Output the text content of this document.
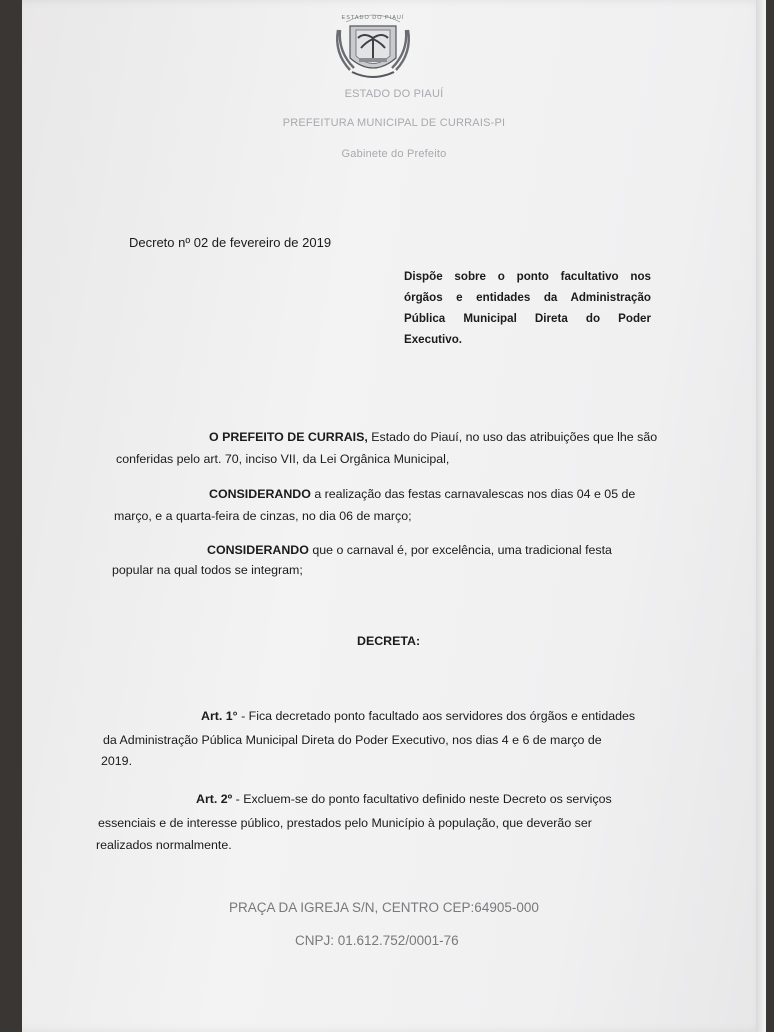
ESTADO DO PIAUÍ
ESTADO DO PIAUÍ
PREFEITURA MUNICIPAL DE CURRAIS-PI
Gabinete do Prefeito
Decreto nº 02 de fevereiro de 2019
Dispõe sobre o ponto facultativo nos
órgãos e entidades da Administração
Pública Municipal Direta do Poder
Executivo.
O PREFEITO DE CURRAIS, Estado do Piauí, no uso das atribuições que lhe são
conferidas pelo art. 70, inciso VII, da Lei Orgânica Municipal,
CONSIDERANDO a realização das festas carnavalescas nos dias 04 e 05 de
março, e a quarta-feira de cinzas, no dia 06 de março;
CONSIDERANDO que o carnaval é, por excelência, uma tradicional festa
popular na qual todos se integram;
DECRETA:
Art. 1° - Fica decretado ponto facultado aos servidores dos órgãos e entidades
da Administração Pública Municipal Direta do Poder Executivo, nos dias 4 e 6 de março de
2019.
Art. 2º - Excluem-se do ponto facultativo definido neste Decreto os serviços
essenciais e de interesse público, prestados pelo Município à população, que deverão ser
realizados normalmente.
PRAÇA DA IGREJA S/N, CENTRO CEP:64905-000
CNPJ: 01.612.752/0001-76
